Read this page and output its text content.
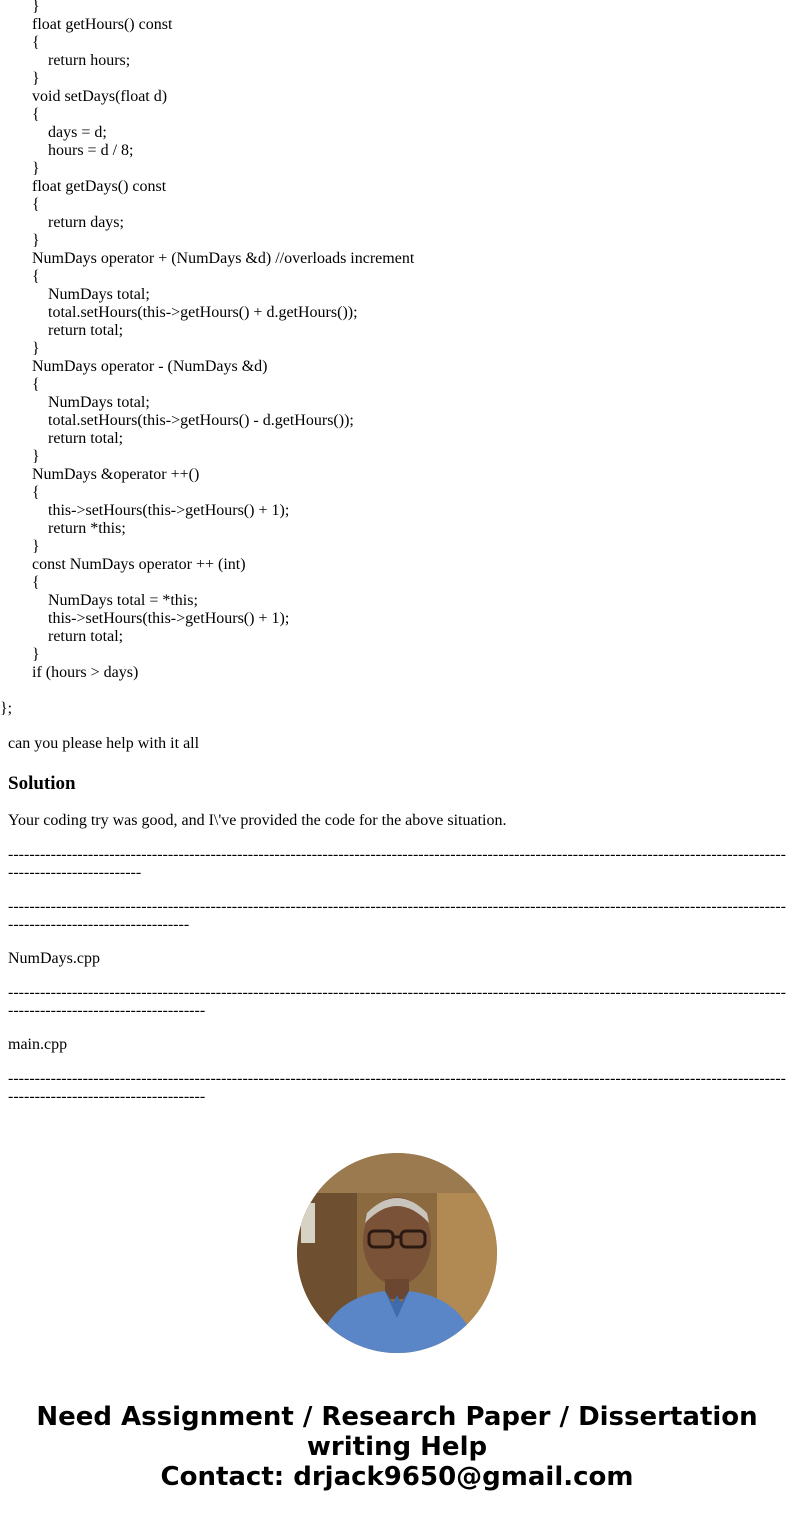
}
float getHours() const
{
return hours;
}
void setDays(float d)
{
days = d;
hours = d / 8;
}
float getDays() const
{
return days;
}
NumDays operator + (NumDays &d) //overloads increment
{
NumDays total;
total.setHours(this->getHours() + d.getHours());
return total;
}
NumDays operator - (NumDays &d)
{
NumDays total;
total.setHours(this->getHours() - d.getHours());
return total;
}
NumDays &operator ++()
{
this->setHours(this->getHours() + 1);
return *this;
}
const NumDays operator ++ (int)
{
NumDays total = *this;
this->setHours(this->getHours() + 1);
return total;
}
if (hours > days)
};

can you please help with it all

Solution

Your coding try was good, and I\'ve provided the code for the above situation.

---------------------------------------------------------------------------------------------------------------------------------------------------------------------------

------------------------------------------------------------------------------------------------------------------------------------------------------------------------------------

NumDays.cpp

---------------------------------------------------------------------------------------------------------------------------------------------------------------------------------------

main.cpp

---------------------------------------------------------------------------------------------------------------------------------------------------------------------------------------

Need Assignment / Research Paper / Dissertation
writing Help
Contact: drjack9650@gmail.com
